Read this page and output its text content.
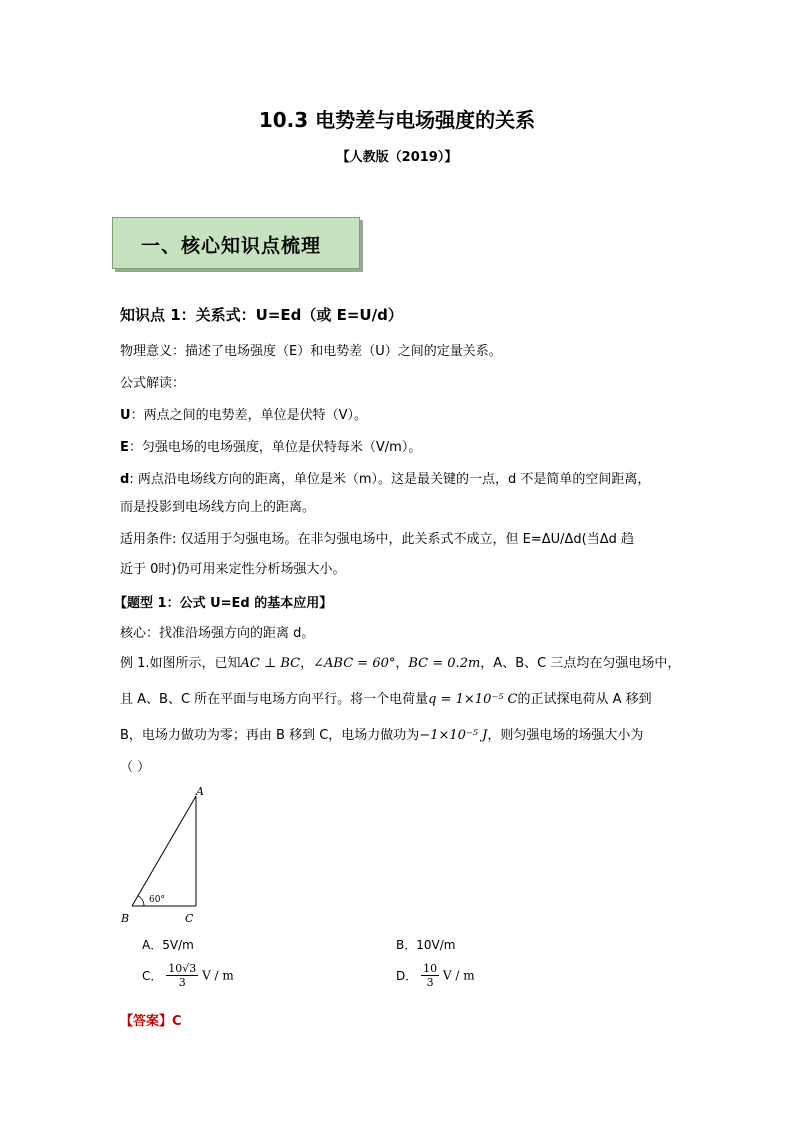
10.3 电势差与电场强度的关系
【人教版（2019）】
一、核心知识点梳理
知识点 1：关系式：U=Ed（或 E=U/d）
物理意义：描述了电场强度（E）和电势差（U）之间的定量关系。
公式解读：
U：两点之间的电势差，单位是伏特（V）。
E：匀强电场的电场强度，单位是伏特每米（V/m）。
d: 两点沿电场线方向的距离，单位是米（m）。这是最关键的一点，d 不是简单的空间距离，
而是投影到电场线方向上的距离。
适用条件: 仅适用于匀强电场。在非匀强电场中，此关系式不成立，但 E=ΔU/Δd(当Δd 趋
近于 0时)仍可用来定性分析场强大小。
【题型 1：公式 U=Ed 的基本应用】
核心：找准沿场强方向的距离 d。
例 1.如图所示，已知AC ⊥ BC，∠ABC = 60°，BC = 0.2m，A、B、C 三点均在匀强电场中，
且 A、B、C 所在平面与电场方向平行。将一个电荷量q = 1×10⁻⁵ C的正试探电荷从 A 移到
B，电场力做功为零；再由 B 移到 C，电场力做功为−1×10⁻⁵ J，则匀强电场的场强大小为
（ ）
A
B	C
60°
A．5V/m	B．10V/m
C． $\frac{10√3}{3}$ V / m	D． $\frac{10}{3}$ V / m
【答案】C
